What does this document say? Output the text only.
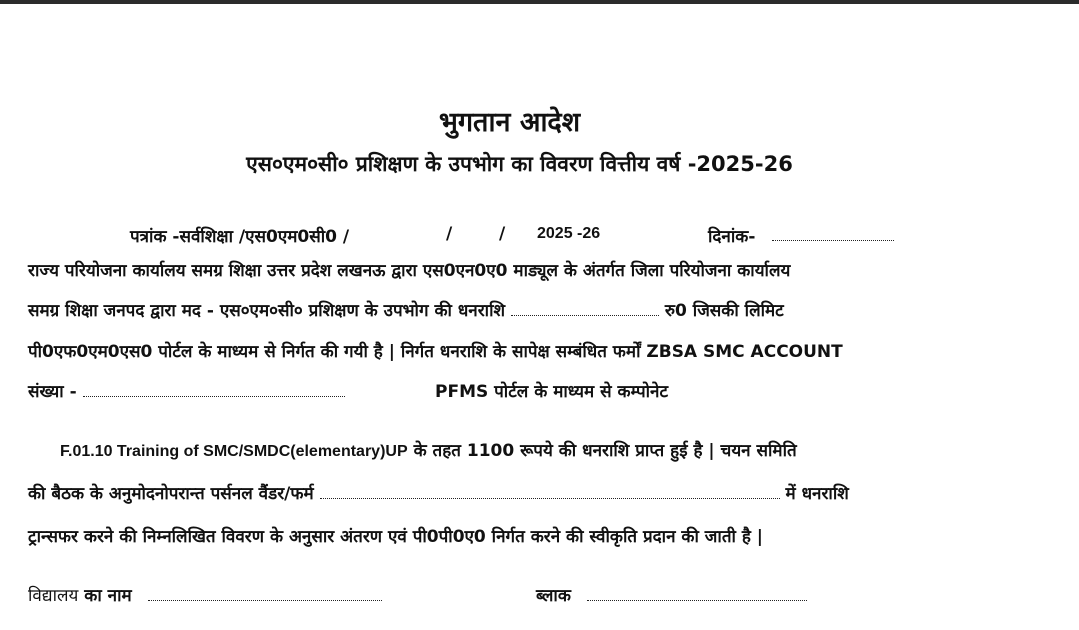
भुगतान आदेश
एस०एम०सी० प्रशिक्षण के उपभोग का विवरण वित्तीय वर्ष -2025-26
पत्रांक -सर्वशिक्षा /एस0एम0सी0 /	/	/ 2025 -26	दिनांक-
राज्य परियोजना कार्यालय समग्र शिक्षा उत्तर प्रदेश लखनऊ द्वारा एस0एन0ए0 माड्यूल के अंतर्गत जिला परियोजना कार्यालय
समग्र शिक्षा जनपद द्वारा मद - एस०एम०सी० प्रशिक्षण के उपभोग की धनराशि	रु0 जिसकी लिमिट
पी0एफ0एम0एस0 पोर्टल के माध्यम से निर्गत की गयी है | निर्गत धनराशि के सापेक्ष सम्बंधित फर्मों ZBSA SMC ACCOUNT
संख्या -	PFMS पोर्टल के माध्यम से कम्पोनेट
F.01.10 Training of SMC/SMDC(elementary)UP के तहत 1100 रूपये की धनराशि प्राप्त हुई है | चयन समिति
की बैठक के अनुमोदनोपरान्त पर्सनल वैंडर/फर्म	में धनराशि
ट्रान्सफर करने की निम्नलिखित विवरण के अनुसार अंतरण एवं पी0पी0ए0 निर्गत करने की स्वीकृति प्रदान की जाती है |
विद्यालय का नाम	ब्लाक
